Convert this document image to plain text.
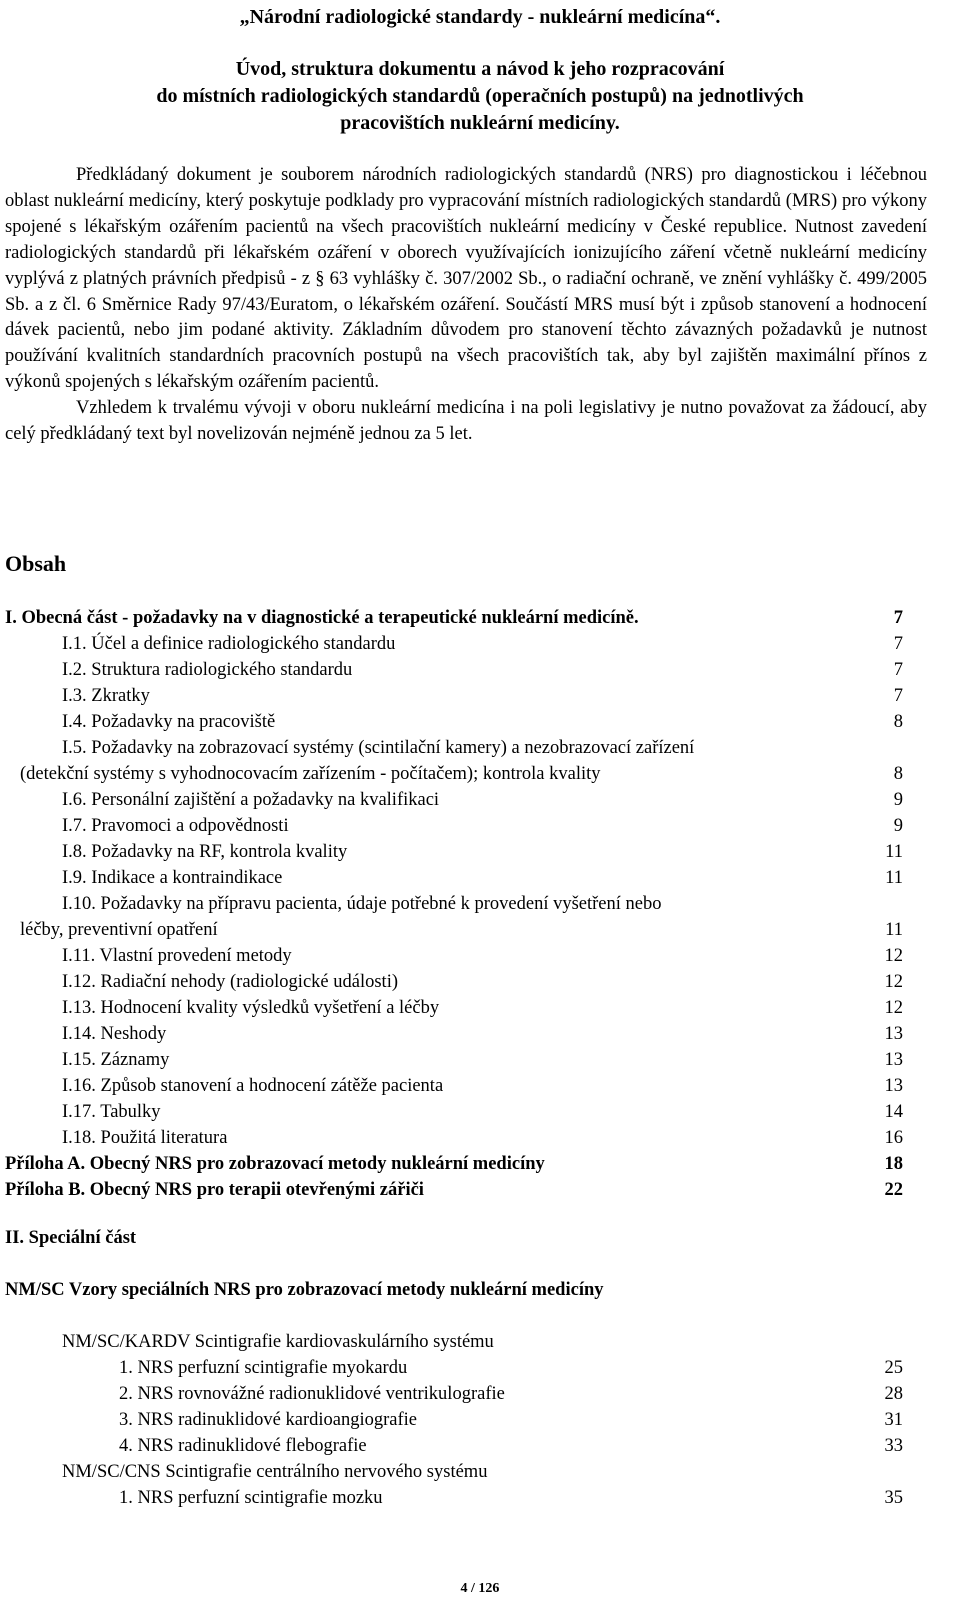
„Národní radiologické standardy - nukleární medicína“.
Úvod, struktura dokumentu a návod k jeho rozpracování
do místních radiologických standardů (operačních postupů) na jednotlivých
pracovištích nukleární medicíny.

Předkládaný dokument je souborem národních radiologických standardů (NRS) pro diagnostickou i léčebnou oblast nukleární medicíny, který poskytuje podklady pro vypracování místních radiologických standardů (MRS) pro výkony spojené s lékařským ozářením pacientů na všech pracovištích nukleární medicíny v České republice. Nutnost zavedení radiologických standardů při lékařském ozáření v oborech využívajících ionizujícího záření včetně nukleární medicíny vyplývá z platných právních předpisů - z § 63 vyhlášky č. 307/2002 Sb., o radiační ochraně, ve znění vyhlášky č. 499/2005 Sb. a z čl. 6 Směrnice Rady 97/43/Euratom, o lékařském ozáření. Součástí MRS musí být i způsob stanovení a hodnocení dávek pacientů, nebo jim podané aktivity. Základním důvodem pro stanovení těchto závazných požadavků je nutnost používání kvalitních standardních pracovních postupů na všech pracovištích tak, aby byl zajištěn maximální přínos z výkonů spojených s lékařským ozářením pacientů.

Vzhledem k trvalému vývoji v oboru nukleární medicína i na poli legislativy je nutno považovat za žádoucí, aby celý předkládaný text byl novelizován nejméně jednou za 5 let.

Obsah
I. Obecná část - požadavky na v diagnostické a terapeutické nukleární medicíně.	7
I.1. Účel a definice radiologického standardu	7
I.2. Struktura radiologického standardu	7
I.3. Zkratky	7
I.4. Požadavky na pracoviště	8
I.5. Požadavky na zobrazovací systémy (scintilační kamery) a nezobrazovací zařízení
(detekční systémy s vyhodnocovacím zařízením - počítačem); kontrola kvality	8
I.6. Personální zajištění a požadavky na kvalifikaci	9
I.7. Pravomoci a odpovědnosti	9
I.8. Požadavky na RF, kontrola kvality	11
I.9. Indikace a kontraindikace	11
I.10. Požadavky na přípravu pacienta, údaje potřebné k provedení vyšetření nebo
léčby, preventivní opatření	11
I.11. Vlastní provedení metody	12
I.12. Radiační nehody (radiologické události)	12
I.13. Hodnocení kvality výsledků vyšetření a léčby	12
I.14. Neshody	13
I.15. Záznamy	13
I.16. Způsob stanovení a hodnocení zátěže pacienta	13
I.17. Tabulky	14
I.18. Použitá literatura	16
Příloha A. Obecný NRS pro zobrazovací metody nukleární medicíny	18
Příloha B. Obecný NRS pro terapii otevřenými zářiči	22
II. Speciální část
NM/SC Vzory speciálních NRS pro zobrazovací metody nukleární medicíny
NM/SC/KARDV Scintigrafie kardiovaskulárního systému
1. NRS perfuzní scintigrafie myokardu	25
2. NRS rovnovážné radionuklidové ventrikulografie	28
3. NRS radinuklidové kardioangiografie	31
4. NRS radinuklidové flebografie	33
NM/SC/CNS Scintigrafie centrálního nervového systému
1. NRS perfuzní scintigrafie mozku	35
4 / 126
